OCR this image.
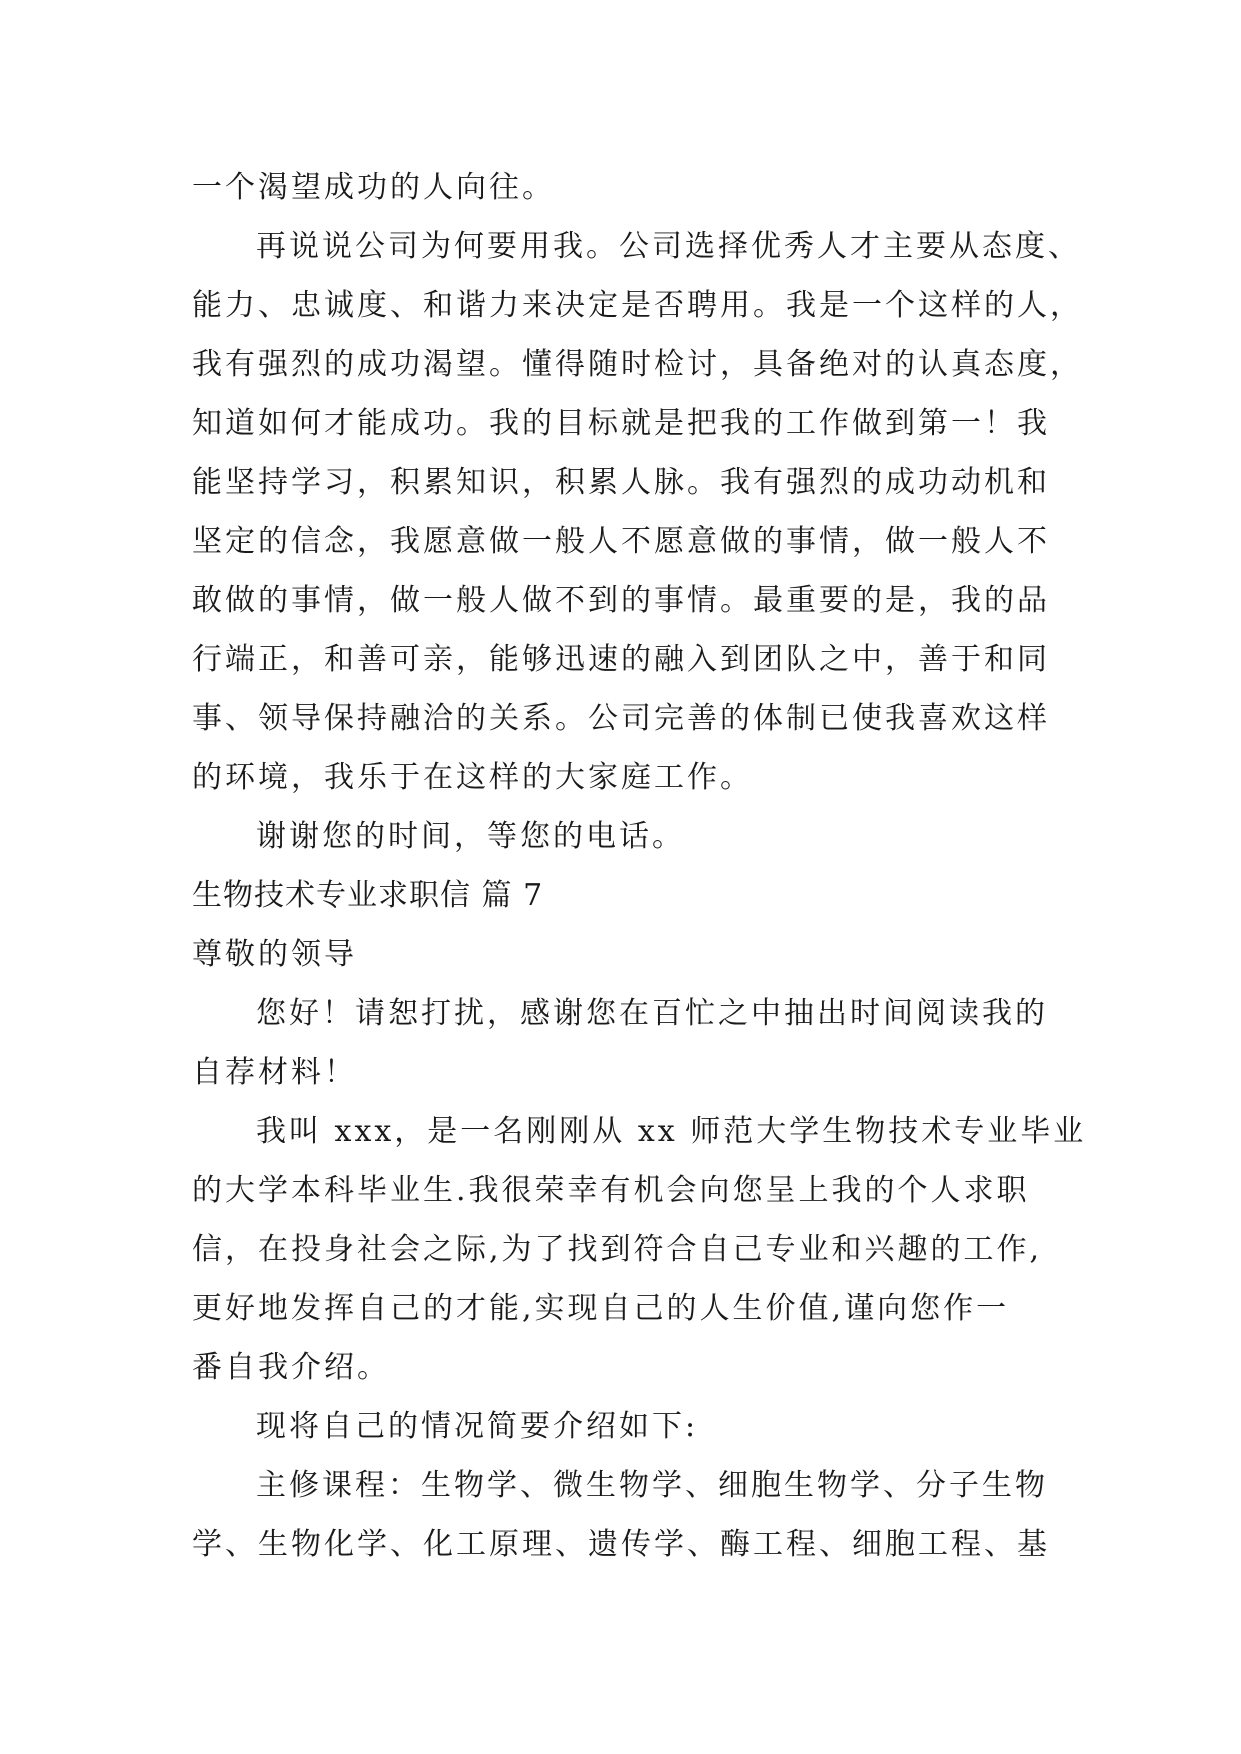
一个渴望成功的人向往。
再说说公司为何要用我。公司选择优秀人才主要从态度、
能力、忠诚度、和谐力来决定是否聘用。我是一个这样的人，
我有强烈的成功渴望。懂得随时检讨，具备绝对的认真态度，
知道如何才能成功。我的目标就是把我的工作做到第一！我
能坚持学习，积累知识，积累人脉。我有强烈的成功动机和
坚定的信念，我愿意做一般人不愿意做的事情，做一般人不
敢做的事情，做一般人做不到的事情。最重要的是，我的品
行端正，和善可亲，能够迅速的融入到团队之中，善于和同
事、领导保持融洽的关系。公司完善的体制已使我喜欢这样
的环境，我乐于在这样的大家庭工作。
谢谢您的时间，等您的电话。
生物技术专业求职信 篇 7
尊敬的领导
您好！请恕打扰，感谢您在百忙之中抽出时间阅读我的
自荐材料！
我叫 xxx，是一名刚刚从 xx 师范大学生物技术专业毕业
的大学本科毕业生.我很荣幸有机会向您呈上我的个人求职
信，在投身社会之际,为了找到符合自己专业和兴趣的工作,
更好地发挥自己的才能,实现自己的人生价值,谨向您作一
番自我介绍。
现将自己的情况简要介绍如下:
主修课程：生物学、微生物学、细胞生物学、分子生物
学、生物化学、化工原理、遗传学、酶工程、细胞工程、基
